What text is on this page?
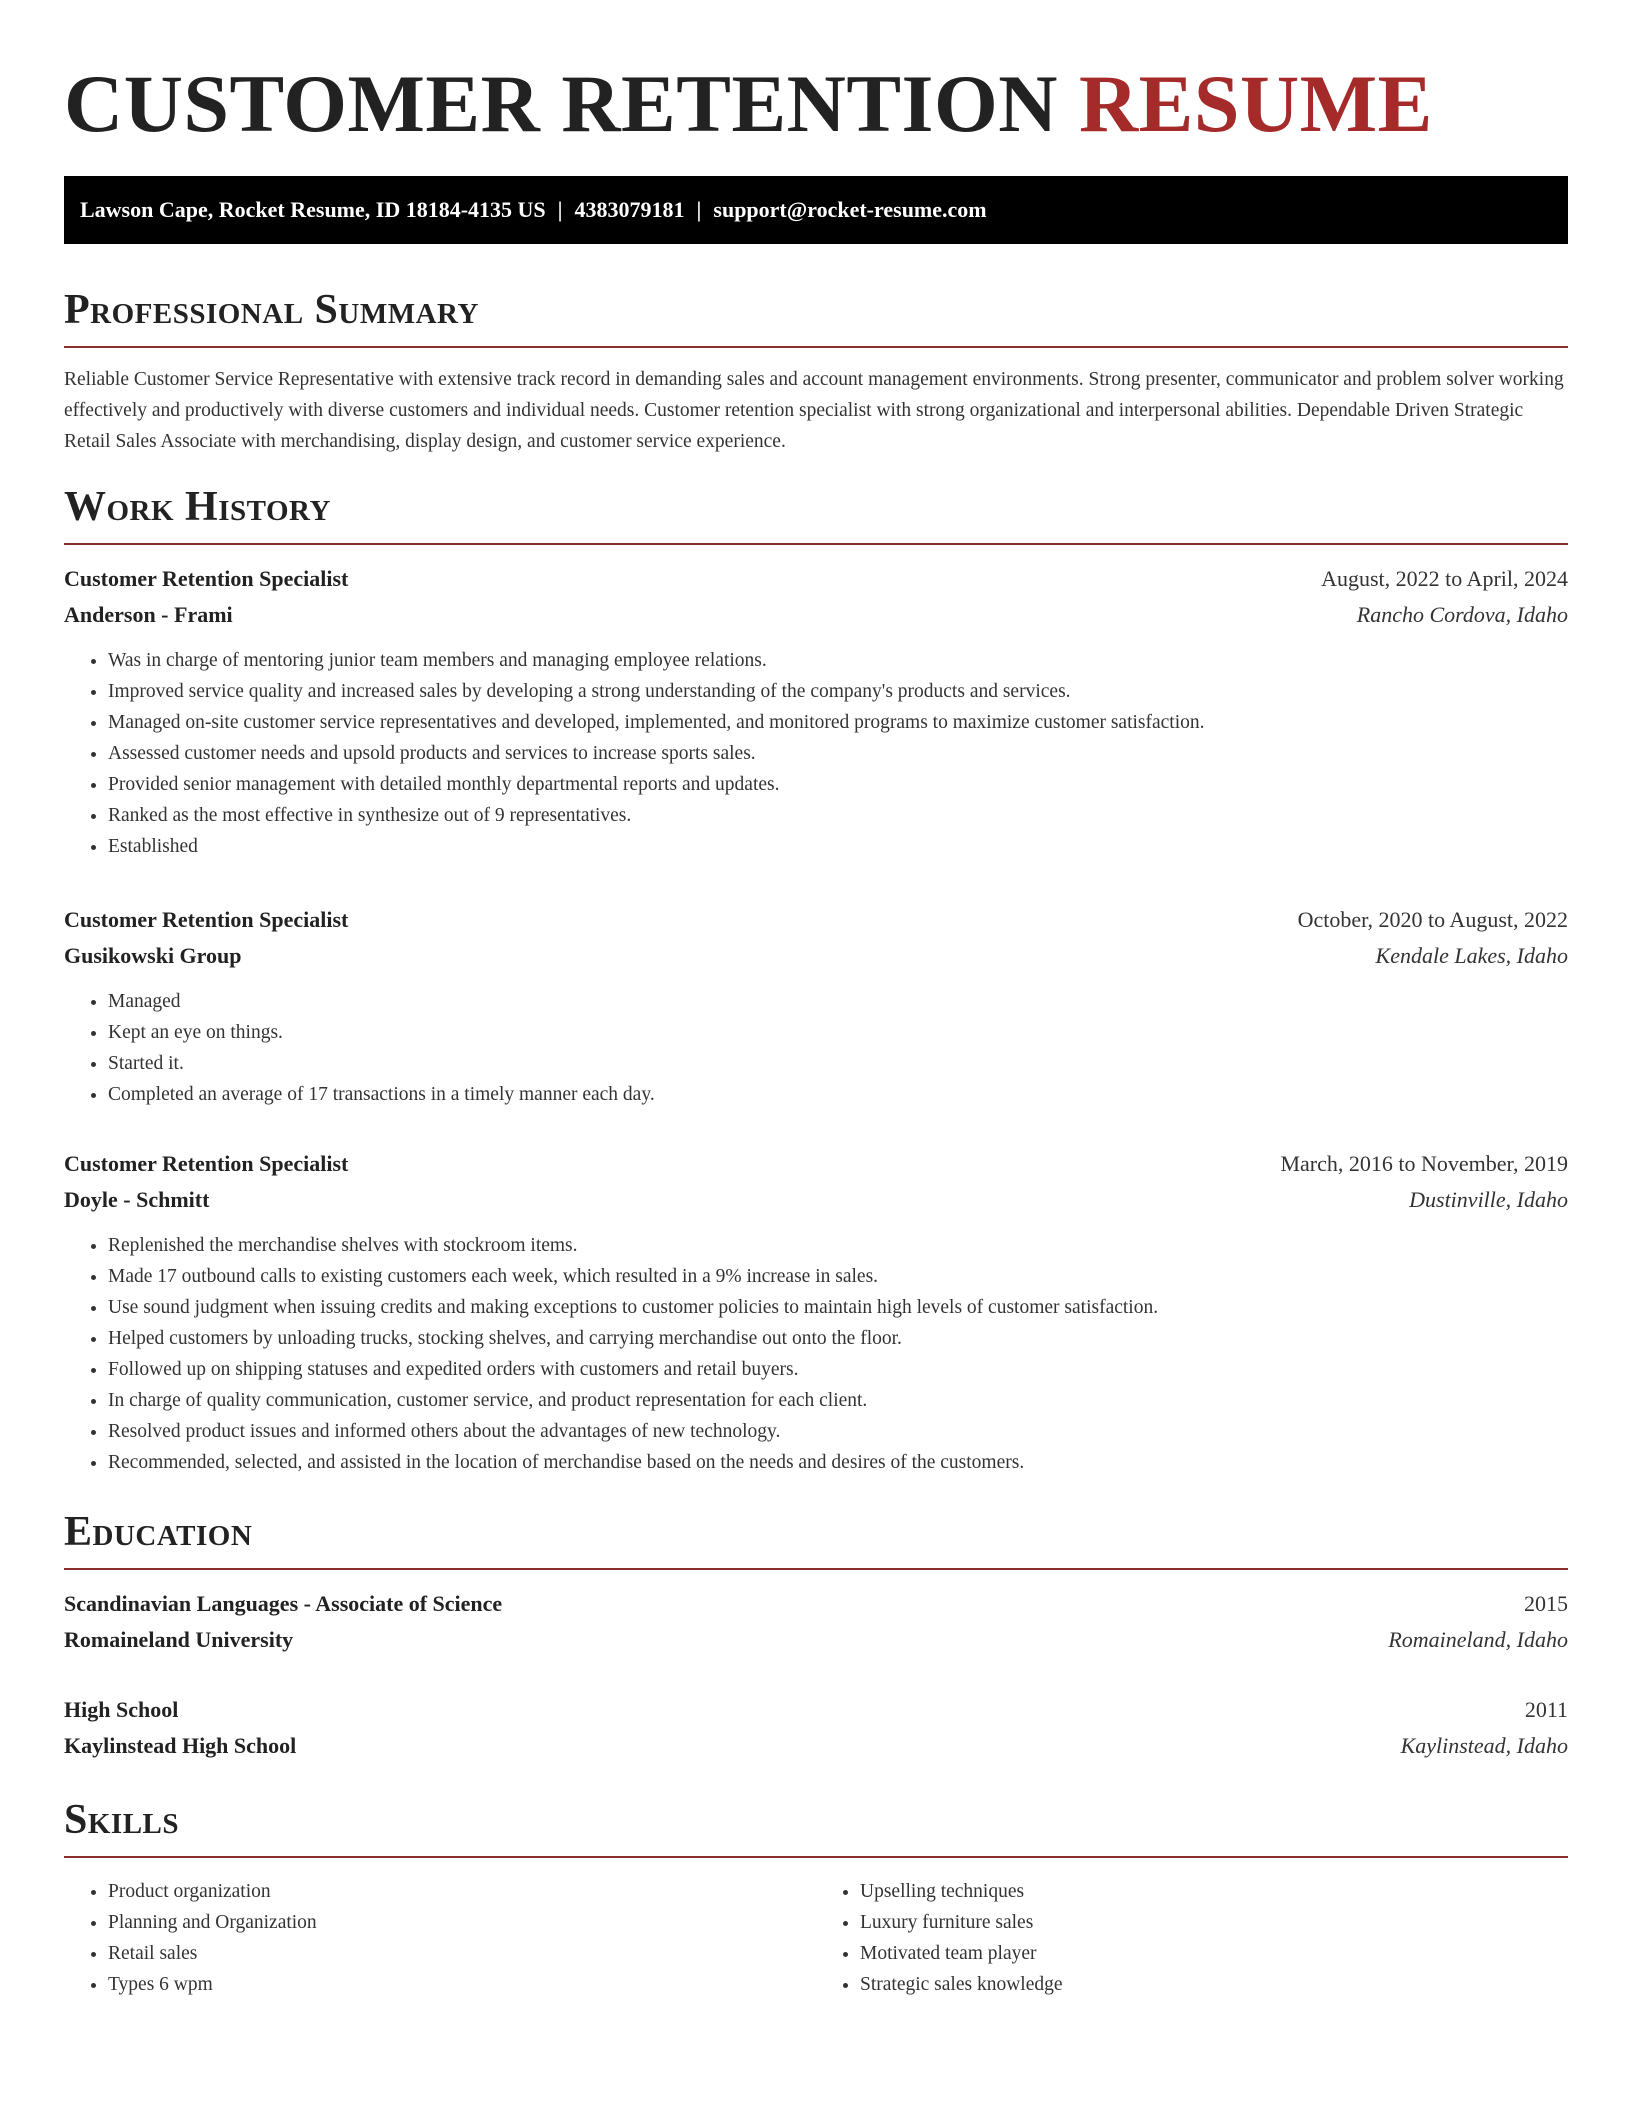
CUSTOMER RETENTION RESUME
Lawson Cape, Rocket Resume, ID 18184-4135 US | 4383079181 | support@rocket-resume.com
Professional Summary

Reliable Customer Service Representative with extensive track record in demanding sales and account management environments. Strong presenter, communicator and problem solver working effectively and productively with diverse customers and individual needs. Customer retention specialist with strong organizational and interpersonal abilities. Dependable Driven Strategic Retail Sales Associate with merchandising, display design, and customer service experience.

Work History
Customer Retention Specialist	August, 2022 to April, 2024
Anderson - Frami	Rancho Cordova, Idaho
• Was in charge of mentoring junior team members and managing employee relations.
• Improved service quality and increased sales by developing a strong understanding of the company's products and services.
• Managed on-site customer service representatives and developed, implemented, and monitored programs to maximize customer satisfaction.
• Assessed customer needs and upsold products and services to increase sports sales.
• Provided senior management with detailed monthly departmental reports and updates.
• Ranked as the most effective in synthesize out of 9 representatives.
• Established
Customer Retention Specialist	October, 2020 to August, 2022
Gusikowski Group	Kendale Lakes, Idaho
• Managed
• Kept an eye on things.
• Started it.
• Completed an average of 17 transactions in a timely manner each day.
Customer Retention Specialist	March, 2016 to November, 2019
Doyle - Schmitt	Dustinville, Idaho
• Replenished the merchandise shelves with stockroom items.
• Made 17 outbound calls to existing customers each week, which resulted in a 9% increase in sales.
• Use sound judgment when issuing credits and making exceptions to customer policies to maintain high levels of customer satisfaction.
• Helped customers by unloading trucks, stocking shelves, and carrying merchandise out onto the floor.
• Followed up on shipping statuses and expedited orders with customers and retail buyers.
• In charge of quality communication, customer service, and product representation for each client.
• Resolved product issues and informed others about the advantages of new technology.
• Recommended, selected, and assisted in the location of merchandise based on the needs and desires of the customers.
Education
Scandinavian Languages - Associate of Science	2015
Romaineland University	Romaineland, Idaho
High School	2011
Kaylinstead High School	Kaylinstead, Idaho
Skills
• Product organization
• Planning and Organization
• Retail sales
• Types 6 wpm
• Upselling techniques
• Luxury furniture sales
• Motivated team player
• Strategic sales knowledge
